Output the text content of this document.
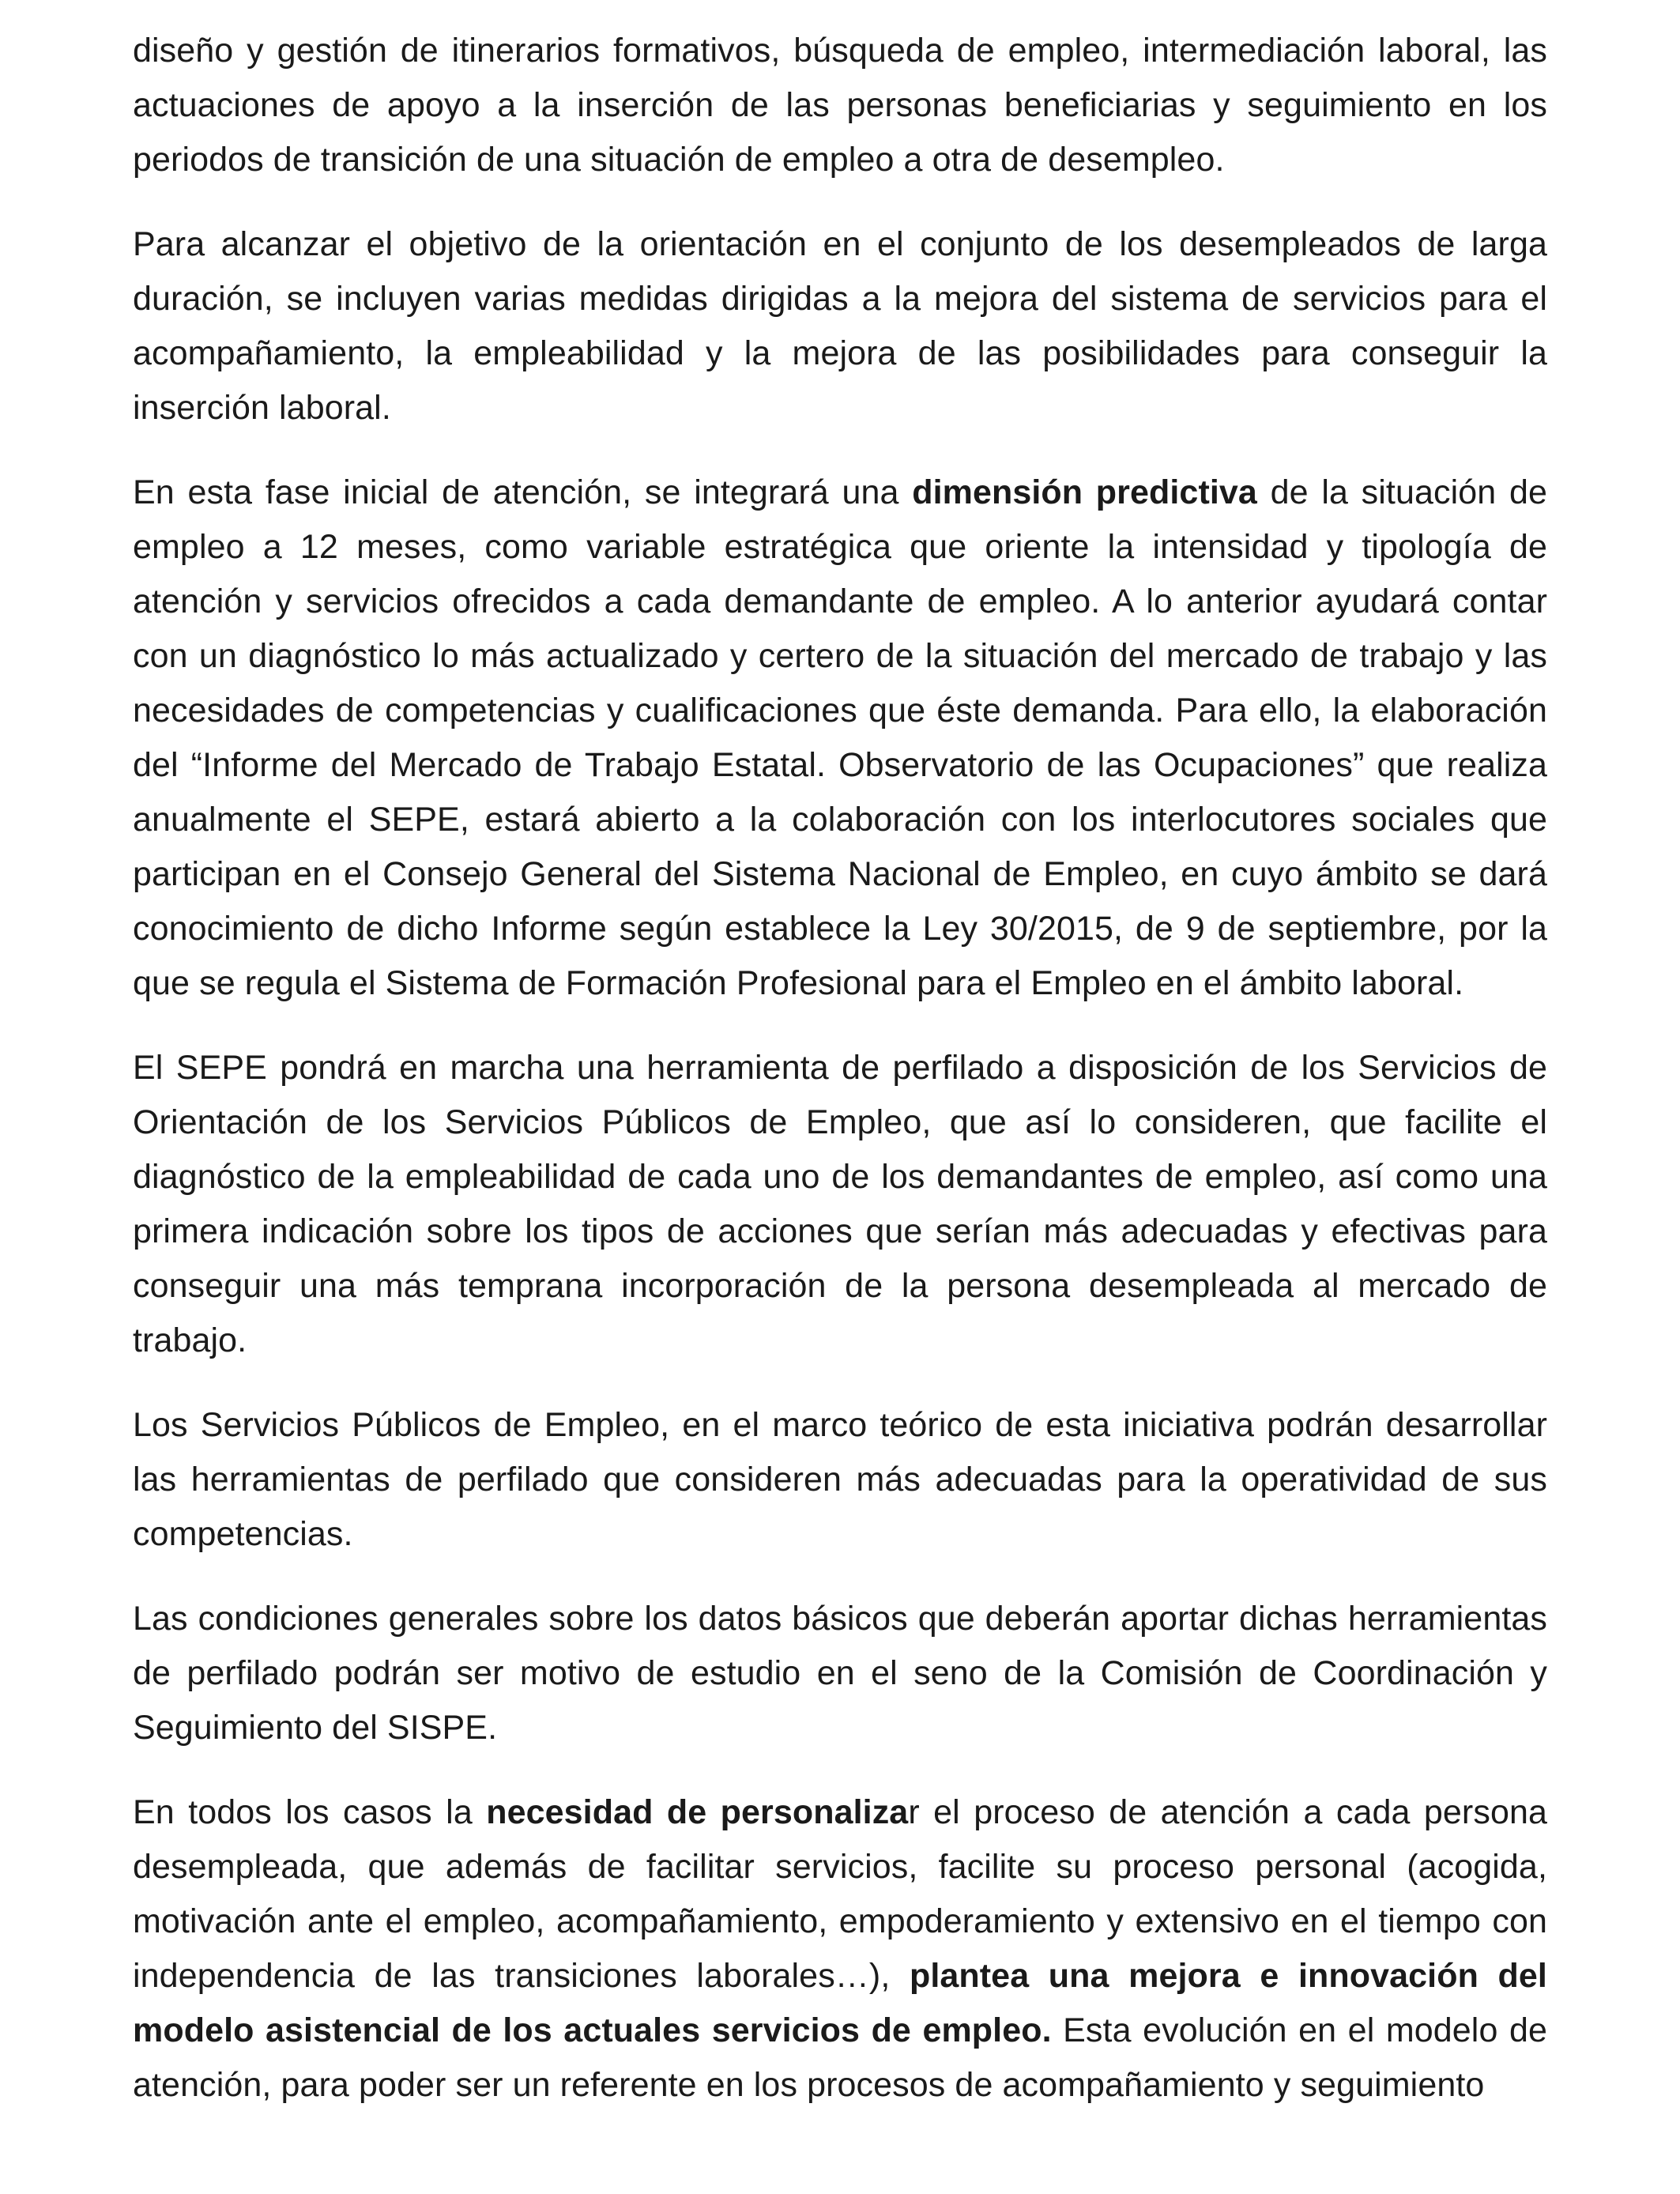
diseño y gestión de itinerarios formativos, búsqueda de empleo, intermediación laboral, las actuaciones de apoyo a la inserción de las personas beneficiarias y seguimiento en los periodos de transición de una situación de empleo a otra de desempleo.

Para alcanzar el objetivo de la orientación en el conjunto de los desempleados de larga duración, se incluyen varias medidas dirigidas a la mejora del sistema de servicios para el acompañamiento, la empleabilidad y la mejora de las posibilidades para conseguir la inserción laboral.

En esta fase inicial de atención, se integrará una dimensión predictiva de la situación de empleo a 12 meses, como variable estratégica que oriente la intensidad y tipología de atención y servicios ofrecidos a cada demandante de empleo. A lo anterior ayudará contar con un diagnóstico lo más actualizado y certero de la situación del mercado de trabajo y las necesidades de competencias y cualificaciones que éste demanda. Para ello, la elaboración del “Informe del Mercado de Trabajo Estatal. Observatorio de las Ocupaciones” que realiza anualmente el SEPE, estará abierto a la colaboración con los interlocutores sociales que participan en el Consejo General del Sistema Nacional de Empleo, en cuyo ámbito se dará conocimiento de dicho Informe según establece la Ley 30/2015, de 9 de septiembre, por la que se regula el Sistema de Formación Profesional para el Empleo en el ámbito laboral.

El SEPE pondrá en marcha una herramienta de perfilado a disposición de los Servicios de Orientación de los Servicios Públicos de Empleo, que así lo consideren, que facilite el diagnóstico de la empleabilidad de cada uno de los demandantes de empleo, así como una primera indicación sobre los tipos de acciones que serían más adecuadas y efectivas para conseguir una más temprana incorporación de la persona desempleada al mercado de trabajo.

Los Servicios Públicos de Empleo, en el marco teórico de esta iniciativa podrán desarrollar las herramientas de perfilado que consideren más adecuadas para la operatividad de sus competencias.

Las condiciones generales sobre los datos básicos que deberán aportar dichas herramientas de perfilado podrán ser motivo de estudio en el seno de la Comisión de Coordinación y Seguimiento del SISPE.

En todos los casos la necesidad de personalizar el proceso de atención a cada persona desempleada, que además de facilitar servicios, facilite su proceso personal (acogida, motivación ante el empleo, acompañamiento, empoderamiento y extensivo en el tiempo con independencia de las transiciones laborales…), plantea una mejora e innovación del modelo asistencial de los actuales servicios de empleo. Esta evolución en el modelo de atención, para poder ser un referente en los procesos de acompañamiento y seguimiento
